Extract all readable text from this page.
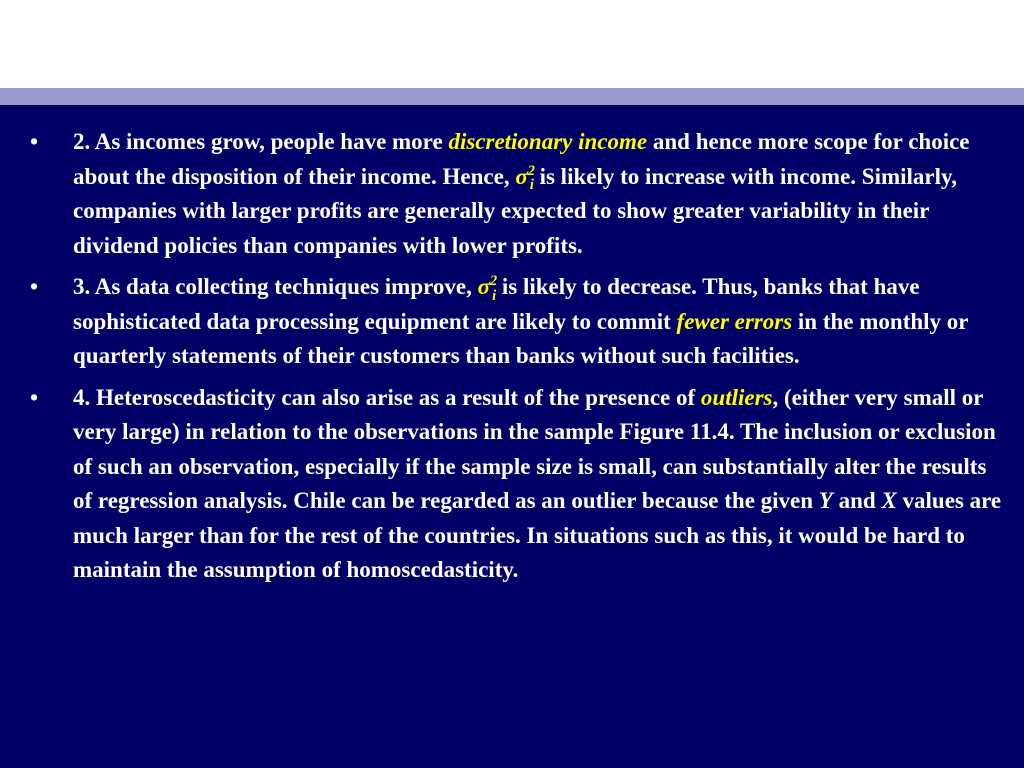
•	2. As incomes grow, people have more discretionary income and hence more scope for choice about the disposition of their income. Hence, $\sigma^2_i$ is likely to increase with income. Similarly, companies with larger profits are generally expected to show greater variability in their dividend policies than companies with lower profits.
•	3. As data collecting techniques improve, $\sigma^2_i$ is likely to decrease. Thus, banks that have sophisticated data processing equipment are likely to commit fewer errors in the monthly or quarterly statements of their customers than banks without such facilities.
•	4. Heteroscedasticity can also arise as a result of the presence of outliers, (either very small or very large) in relation to the observations in the sample Figure 11.4. The inclusion or exclusion of such an observation, especially if the sample size is small, can substantially alter the results of regression analysis. Chile can be regarded as an outlier because the given Y and X values are much larger than for the rest of the countries. In situations such as this, it would be hard to maintain the assumption of homoscedasticity.
